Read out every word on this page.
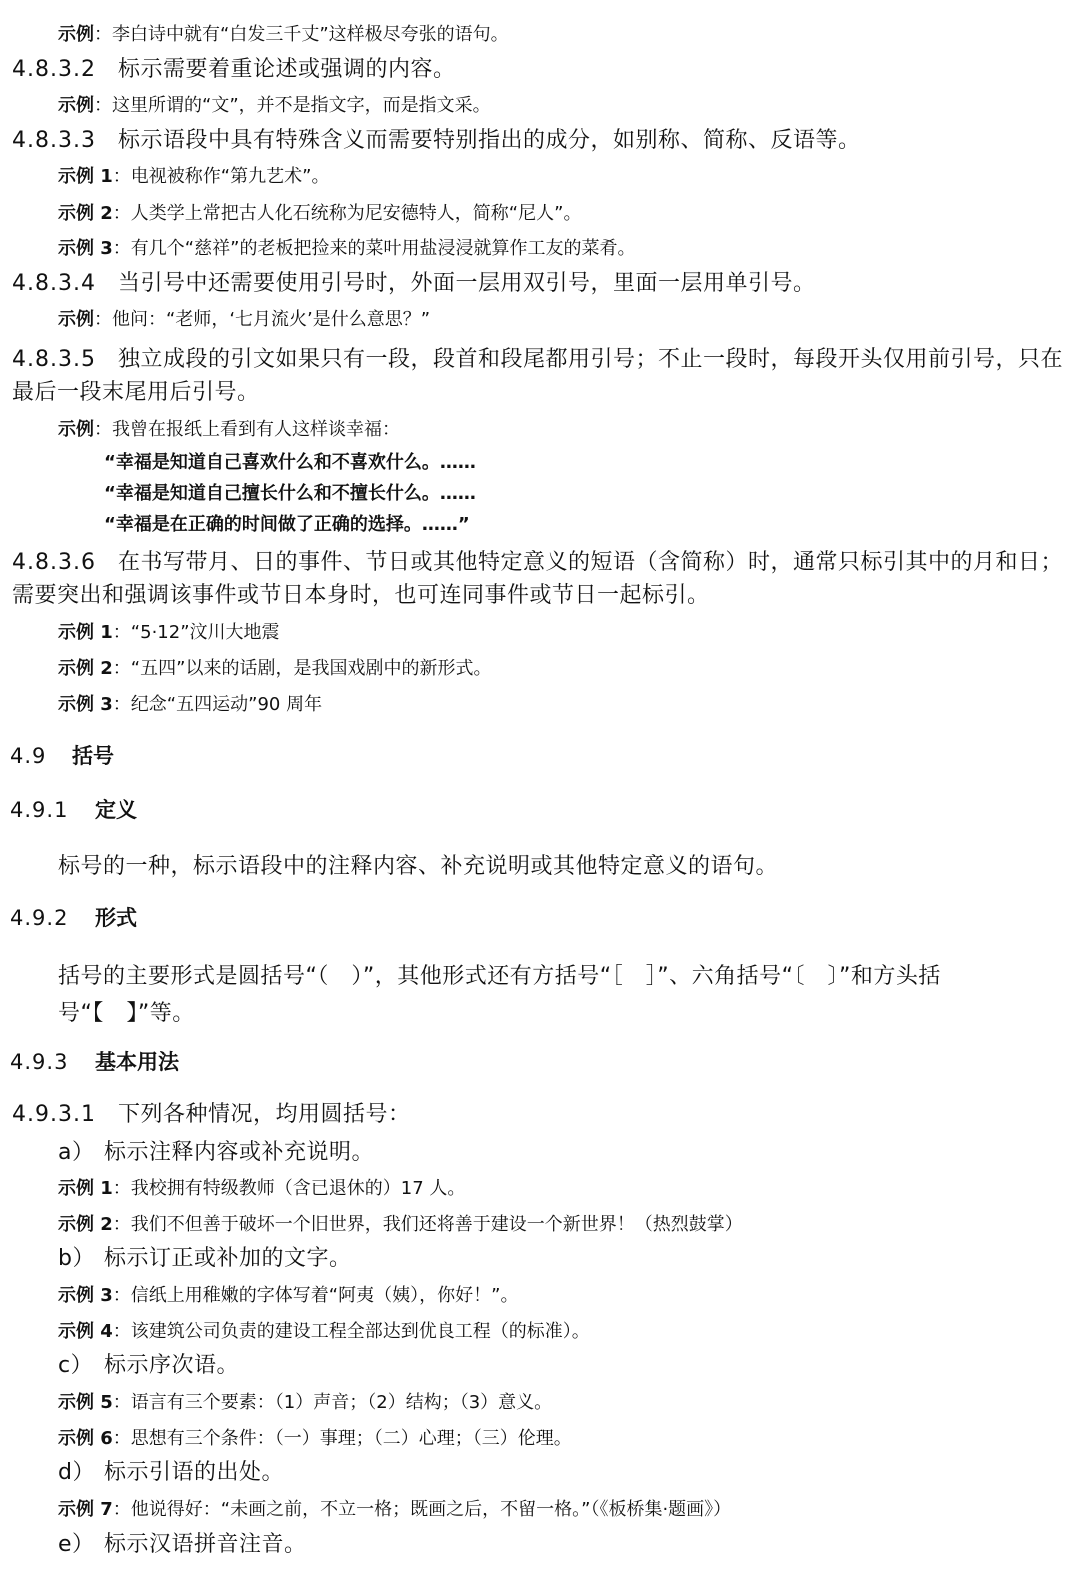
示例：李白诗中就有“白发三千丈”这样极尽夸张的语句。
4.8.3.2 标示需要着重论述或强调的内容。
示例：这里所谓的“文”，并不是指文字，而是指文采。
4.8.3.3 标示语段中具有特殊含义而需要特别指出的成分，如别称、简称、反语等。
示例 1：电视被称作“第九艺术”。
示例 2：人类学上常把古人化石统称为尼安德特人，简称“尼人”。
示例 3：有几个“慈祥”的老板把捡来的菜叶用盐浸浸就算作工友的菜肴。
4.8.3.4 当引号中还需要使用引号时，外面一层用双引号，里面一层用单引号。
示例：他问：“老师，‘七月流火’是什么意思？”
4.8.3.5 独立成段的引文如果只有一段，段首和段尾都用引号；不止一段时，每段开头仅用前引号，只在最后一段末尾用后引号。
示例：我曾在报纸上看到有人这样谈幸福：
“幸福是知道自己喜欢什么和不喜欢什么。……
“幸福是知道自己擅长什么和不擅长什么。……
“幸福是在正确的时间做了正确的选择。……”
4.8.3.6 在书写带月、日的事件、节日或其他特定意义的短语（含简称）时，通常只标引其中的月和日；需要突出和强调该事件或节日本身时，也可连同事件或节日一起标引。
示例 1：“5·12”汶川大地震
示例 2：“五四”以来的话剧，是我国戏剧中的新形式。
示例 3：纪念“五四运动”90 周年
4.9 括号
4.9.1 定义
标号的一种，标示语段中的注释内容、补充说明或其他特定意义的语句。
4.9.2 形式
括号的主要形式是圆括号“（　）”，其他形式还有方括号“［　］”、六角括号“〔　〕”和方头括号“【　】”等。
4.9.3 基本用法
4.9.3.1 下列各种情况，均用圆括号：
a） 标示注释内容或补充说明。
示例 1：我校拥有特级教师（含已退休的）17 人。
示例 2：我们不但善于破坏一个旧世界，我们还将善于建设一个新世界！（热烈鼓掌）
b） 标示订正或补加的文字。
示例 3：信纸上用稚嫩的字体写着“阿夷（姨），你好！”。
示例 4：该建筑公司负责的建设工程全部达到优良工程（的标准）。
c） 标示序次语。
示例 5：语言有三个要素：（1）声音；（2）结构；（3）意义。
示例 6：思想有三个条件：（一）事理；（二）心理；（三）伦理。
d） 标示引语的出处。
示例 7：他说得好：“未画之前，不立一格；既画之后，不留一格。”（《板桥集·题画》）
e） 标示汉语拼音注音。
